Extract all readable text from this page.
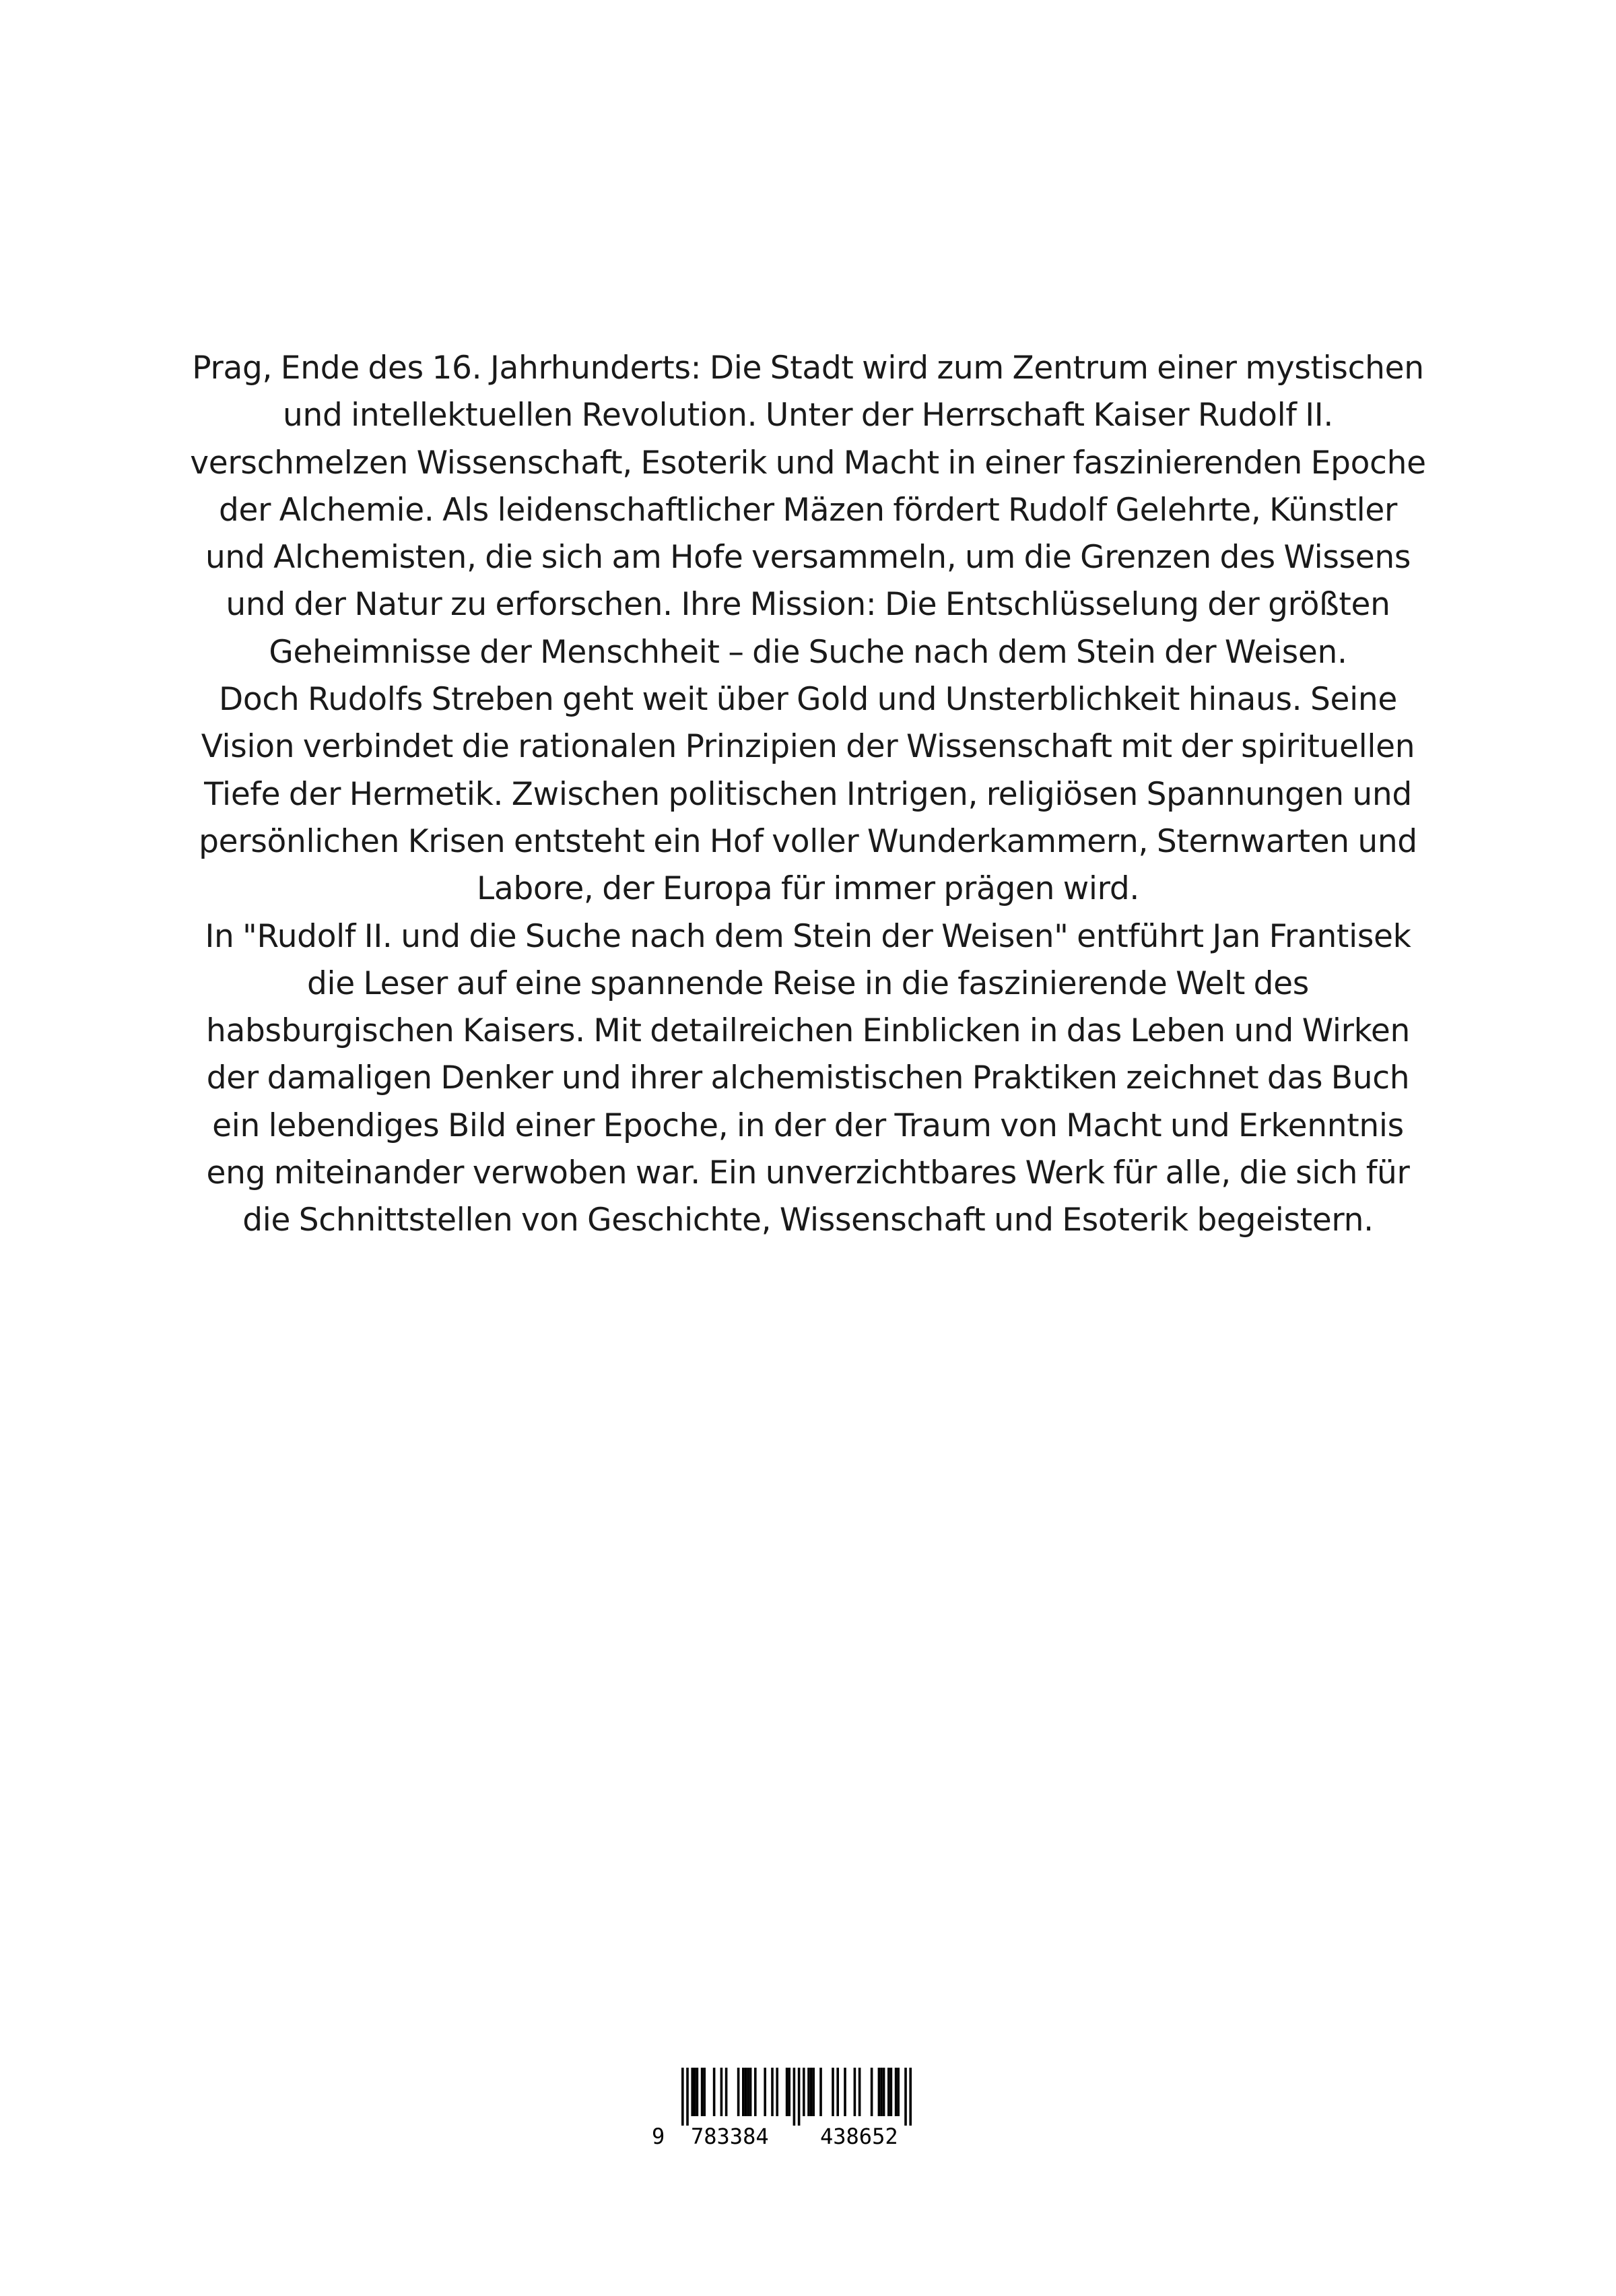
Prag, Ende des 16. Jahrhunderts: Die Stadt wird zum Zentrum einer mystischen
und intellektuellen Revolution. Unter der Herrschaft Kaiser Rudolf II.
verschmelzen Wissenschaft, Esoterik und Macht in einer faszinierenden Epoche
der Alchemie. Als leidenschaftlicher Mäzen fördert Rudolf Gelehrte, Künstler
und Alchemisten, die sich am Hofe versammeln, um die Grenzen des Wissens
und der Natur zu erforschen. Ihre Mission: Die Entschlüsselung der größten
Geheimnisse der Menschheit – die Suche nach dem Stein der Weisen.
Doch Rudolfs Streben geht weit über Gold und Unsterblichkeit hinaus. Seine
Vision verbindet die rationalen Prinzipien der Wissenschaft mit der spirituellen
Tiefe der Hermetik. Zwischen politischen Intrigen, religiösen Spannungen und
persönlichen Krisen entsteht ein Hof voller Wunderkammern, Sternwarten und
Labore, der Europa für immer prägen wird.
In "Rudolf II. und die Suche nach dem Stein der Weisen" entführt Jan Frantisek
die Leser auf eine spannende Reise in die faszinierende Welt des
habsburgischen Kaisers. Mit detailreichen Einblicken in das Leben und Wirken
der damaligen Denker und ihrer alchemistischen Praktiken zeichnet das Buch
ein lebendiges Bild einer Epoche, in der der Traum von Macht und Erkenntnis
eng miteinander verwoben war. Ein unverzichtbares Werk für alle, die sich für
die Schnittstellen von Geschichte, Wissenschaft und Esoterik begeistern.
9 783384 438652
